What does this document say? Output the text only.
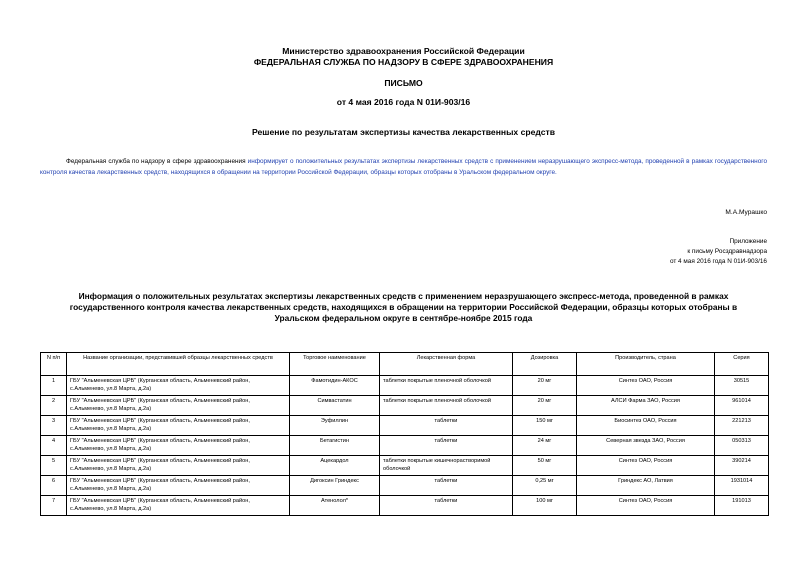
Министерство здравоохранения Российской Федерации
ФЕДЕРАЛЬНАЯ СЛУЖБА ПО НАДЗОРУ В СФЕРЕ ЗДРАВООХРАНЕНИЯ
ПИСЬМО
от 4 мая 2016 года N 01И-903/16
Решение по результатам экспертизы качества лекарственных средств
Федеральная служба по надзору в сфере здравоохранения информирует о положительных результатах экспертизы лекарственных средств с применением неразрушающего экспресс-метода, проведенной в рамках государственного контроля качества лекарственных средств, находящихся в обращении на территории Российской Федерации, образцы которых отобраны в Уральском федеральном округе.
М.А.Мурашко
Приложение
к письму Росздравнадзора
от 4 мая 2016 года N 01И-903/16
Информация о положительных результатах экспертизы лекарственных средств с применением неразрушающего экспресс-метода, проведенной в рамках государственного контроля качества лекарственных средств, находящихся в обращении на территории Российской Федерации, образцы которых отобраны в Уральском федеральном округе в сентябре-ноябре 2015 года
N п/п	Название организации, представившей образцы лекарственных средств	Торговое наименование	Лекарственная форма	Дозировка	Производитель, страна	Серия
1	ГБУ "Альменевская ЦРБ" (Курганская область, Альменевский район, с.Альменево, ул.8 Марта, д.2а)	Фамотидин-АКОС	таблетки покрытые пленочной оболочкой	20 мг	Синтез ОАО, Россия	30515
2	ГБУ "Альменевская ЦРБ" (Курганская область, Альменевский район, с.Альменево, ул.8 Марта, д.2а)	Симвастатин	таблетки покрытые пленочной оболочкой	20 мг	АЛСИ Фарма ЗАО, Россия	961014
3	ГБУ "Альменевская ЦРБ" (Курганская область, Альменевский район, с.Альменево, ул.8 Марта, д.2а)	Эуфиллин	таблетки	150 мг	Биосинтез ОАО, Россия	221213
4	ГБУ "Альменевская ЦРБ" (Курганская область, Альменевский район, с.Альменево, ул.8 Марта, д.2а)	Бетагистин	таблетки	24 мг	Северная звезда ЗАО, Россия	050313
5	ГБУ "Альменевская ЦРБ" (Курганская область, Альменевский район, с.Альменево, ул.8 Марта, д.2а)	Ацекардол	таблетки покрытые кишечнорастворимой оболочкой	50 мг	Синтез ОАО, Россия	390214
6	ГБУ "Альменевская ЦРБ" (Курганская область, Альменевский район, с.Альменево, ул.8 Марта, д.2а)	Дигоксин Гриндекс	таблетки	0,25 мг	Гриндекс АО, Латвия	1931014
7	ГБУ "Альменевская ЦРБ" (Курганская область, Альменевский район, с.Альменево, ул.8 Марта, д.2а)	Атенолол*	таблетки	100 мг	Синтез ОАО, Россия	191013
